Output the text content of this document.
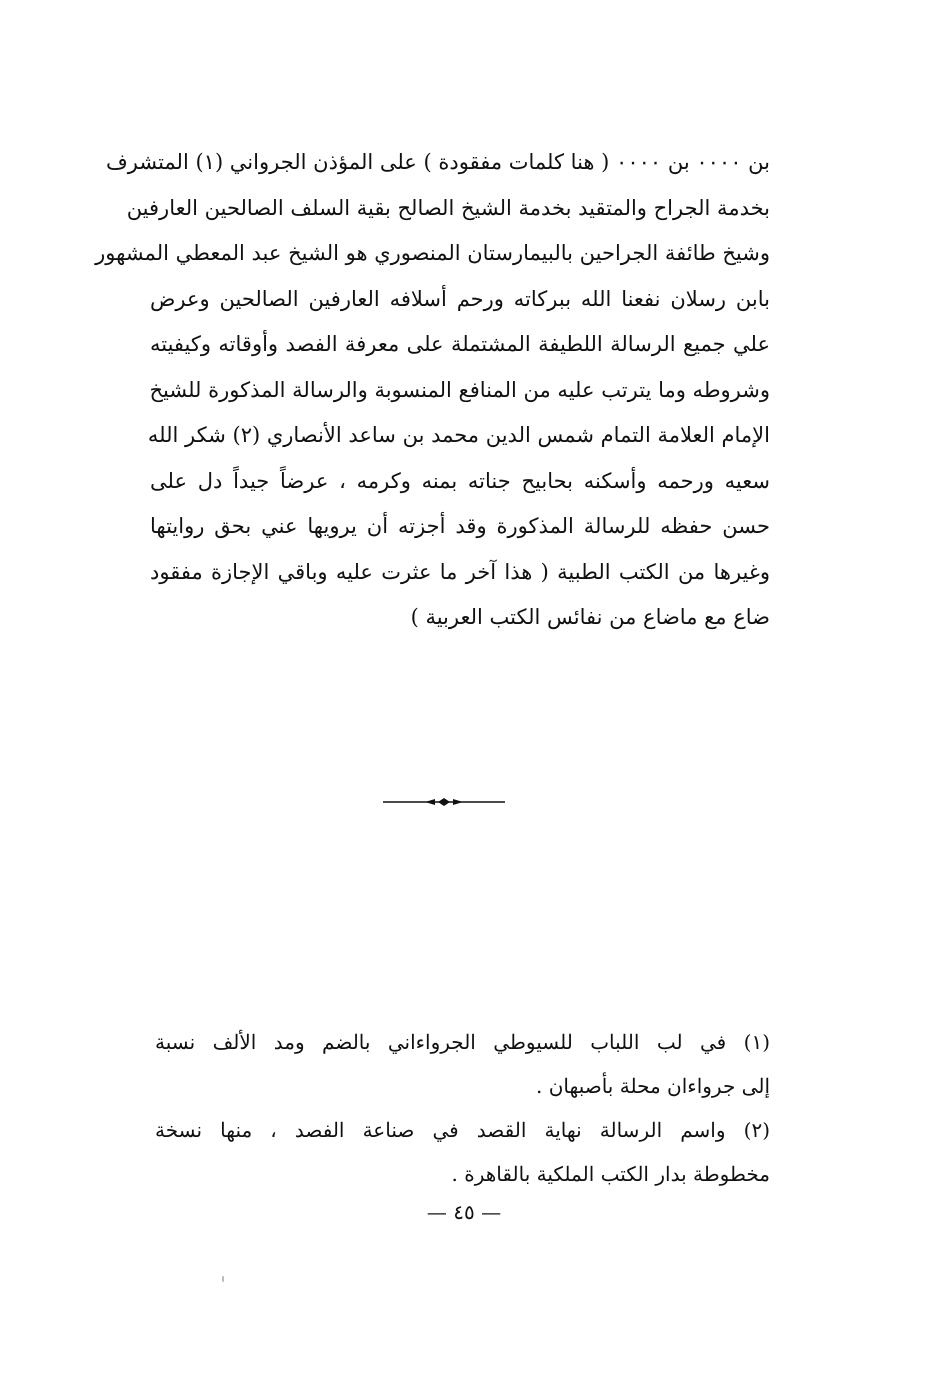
بن ٠٠٠٠ بن ٠٠٠٠ ( هنا كلمات مفقودة ) على المؤذن الجرواني (١) المتشرف
بخدمة الجراح والمتقيد بخدمة الشيخ الصالح بقية السلف الصالحين العارفين
وشيخ طائفة الجراحين بالبيمارستان المنصوري هو الشيخ عبد المعطي المشهور
بابن رسلان نفعنا الله ببركاته ورحم أسلافه العارفين الصالحين وعرض
علي جميع الرسالة اللطيفة المشتملة على معرفة الفصد وأوقاته وكيفيته
وشروطه وما يترتب عليه من المنافع المنسوبة والرسالة المذكورة للشيخ
الإمام العلامة التمام شمس الدين محمد بن ساعد الأنصاري (٢) شكر الله
سعيه ورحمه وأسكنه بحابيح جناته بمنه وكرمه ، عرضاً جيداً دل على
حسن حفظه للرسالة المذكورة وقد أجزته أن يرويها عني بحق روايتها
وغيرها من الكتب الطبية ( هذا آخر ما عثرت عليه وباقي الإجازة مفقود
ضاع مع ماضاع من نفائس الكتب العربية )
(١) في لب اللباب للسيوطي الجرواءاني بالضم ومد الألف نسبة
إلى جرواءان محلة بأصبهان .
(٢) واسم الرسالة نهاية القصد في صناعة الفصد ، منها نسخة
مخطوطة بدار الكتب الملكية بالقاهرة .
— ٤٥ —
